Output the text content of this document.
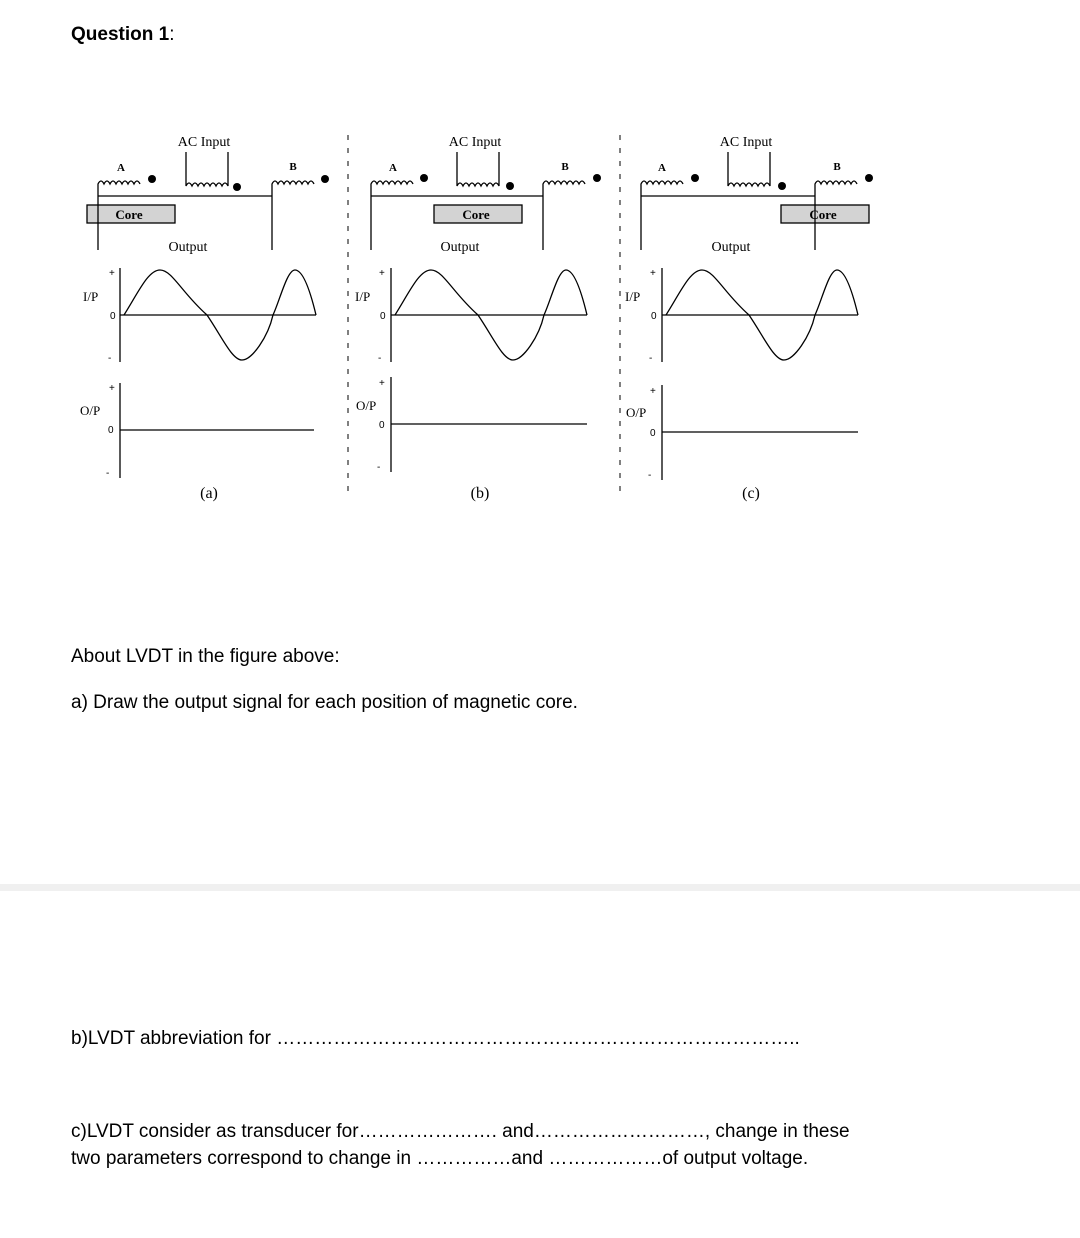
Question 1:
AC Input
A	B
Core
Output
I/P
+
0
-
O/P
+
0
-
(a)
AC Input
A	B
Core
Output
I/P
+
0
-
O/P
+
0
-
(b)
AC Input
A	B
Core
Output
I/P
+
0
-
O/P
+
0
-
(c)
About LVDT in the figure above:
a) Draw the output signal for each position of magnetic core.
b)LVDT abbreviation for ………………………………………………………………………..
c)LVDT consider as transducer for…………………. and………………………, change in these
two parameters correspond to change in ……………and ………………of output voltage.
